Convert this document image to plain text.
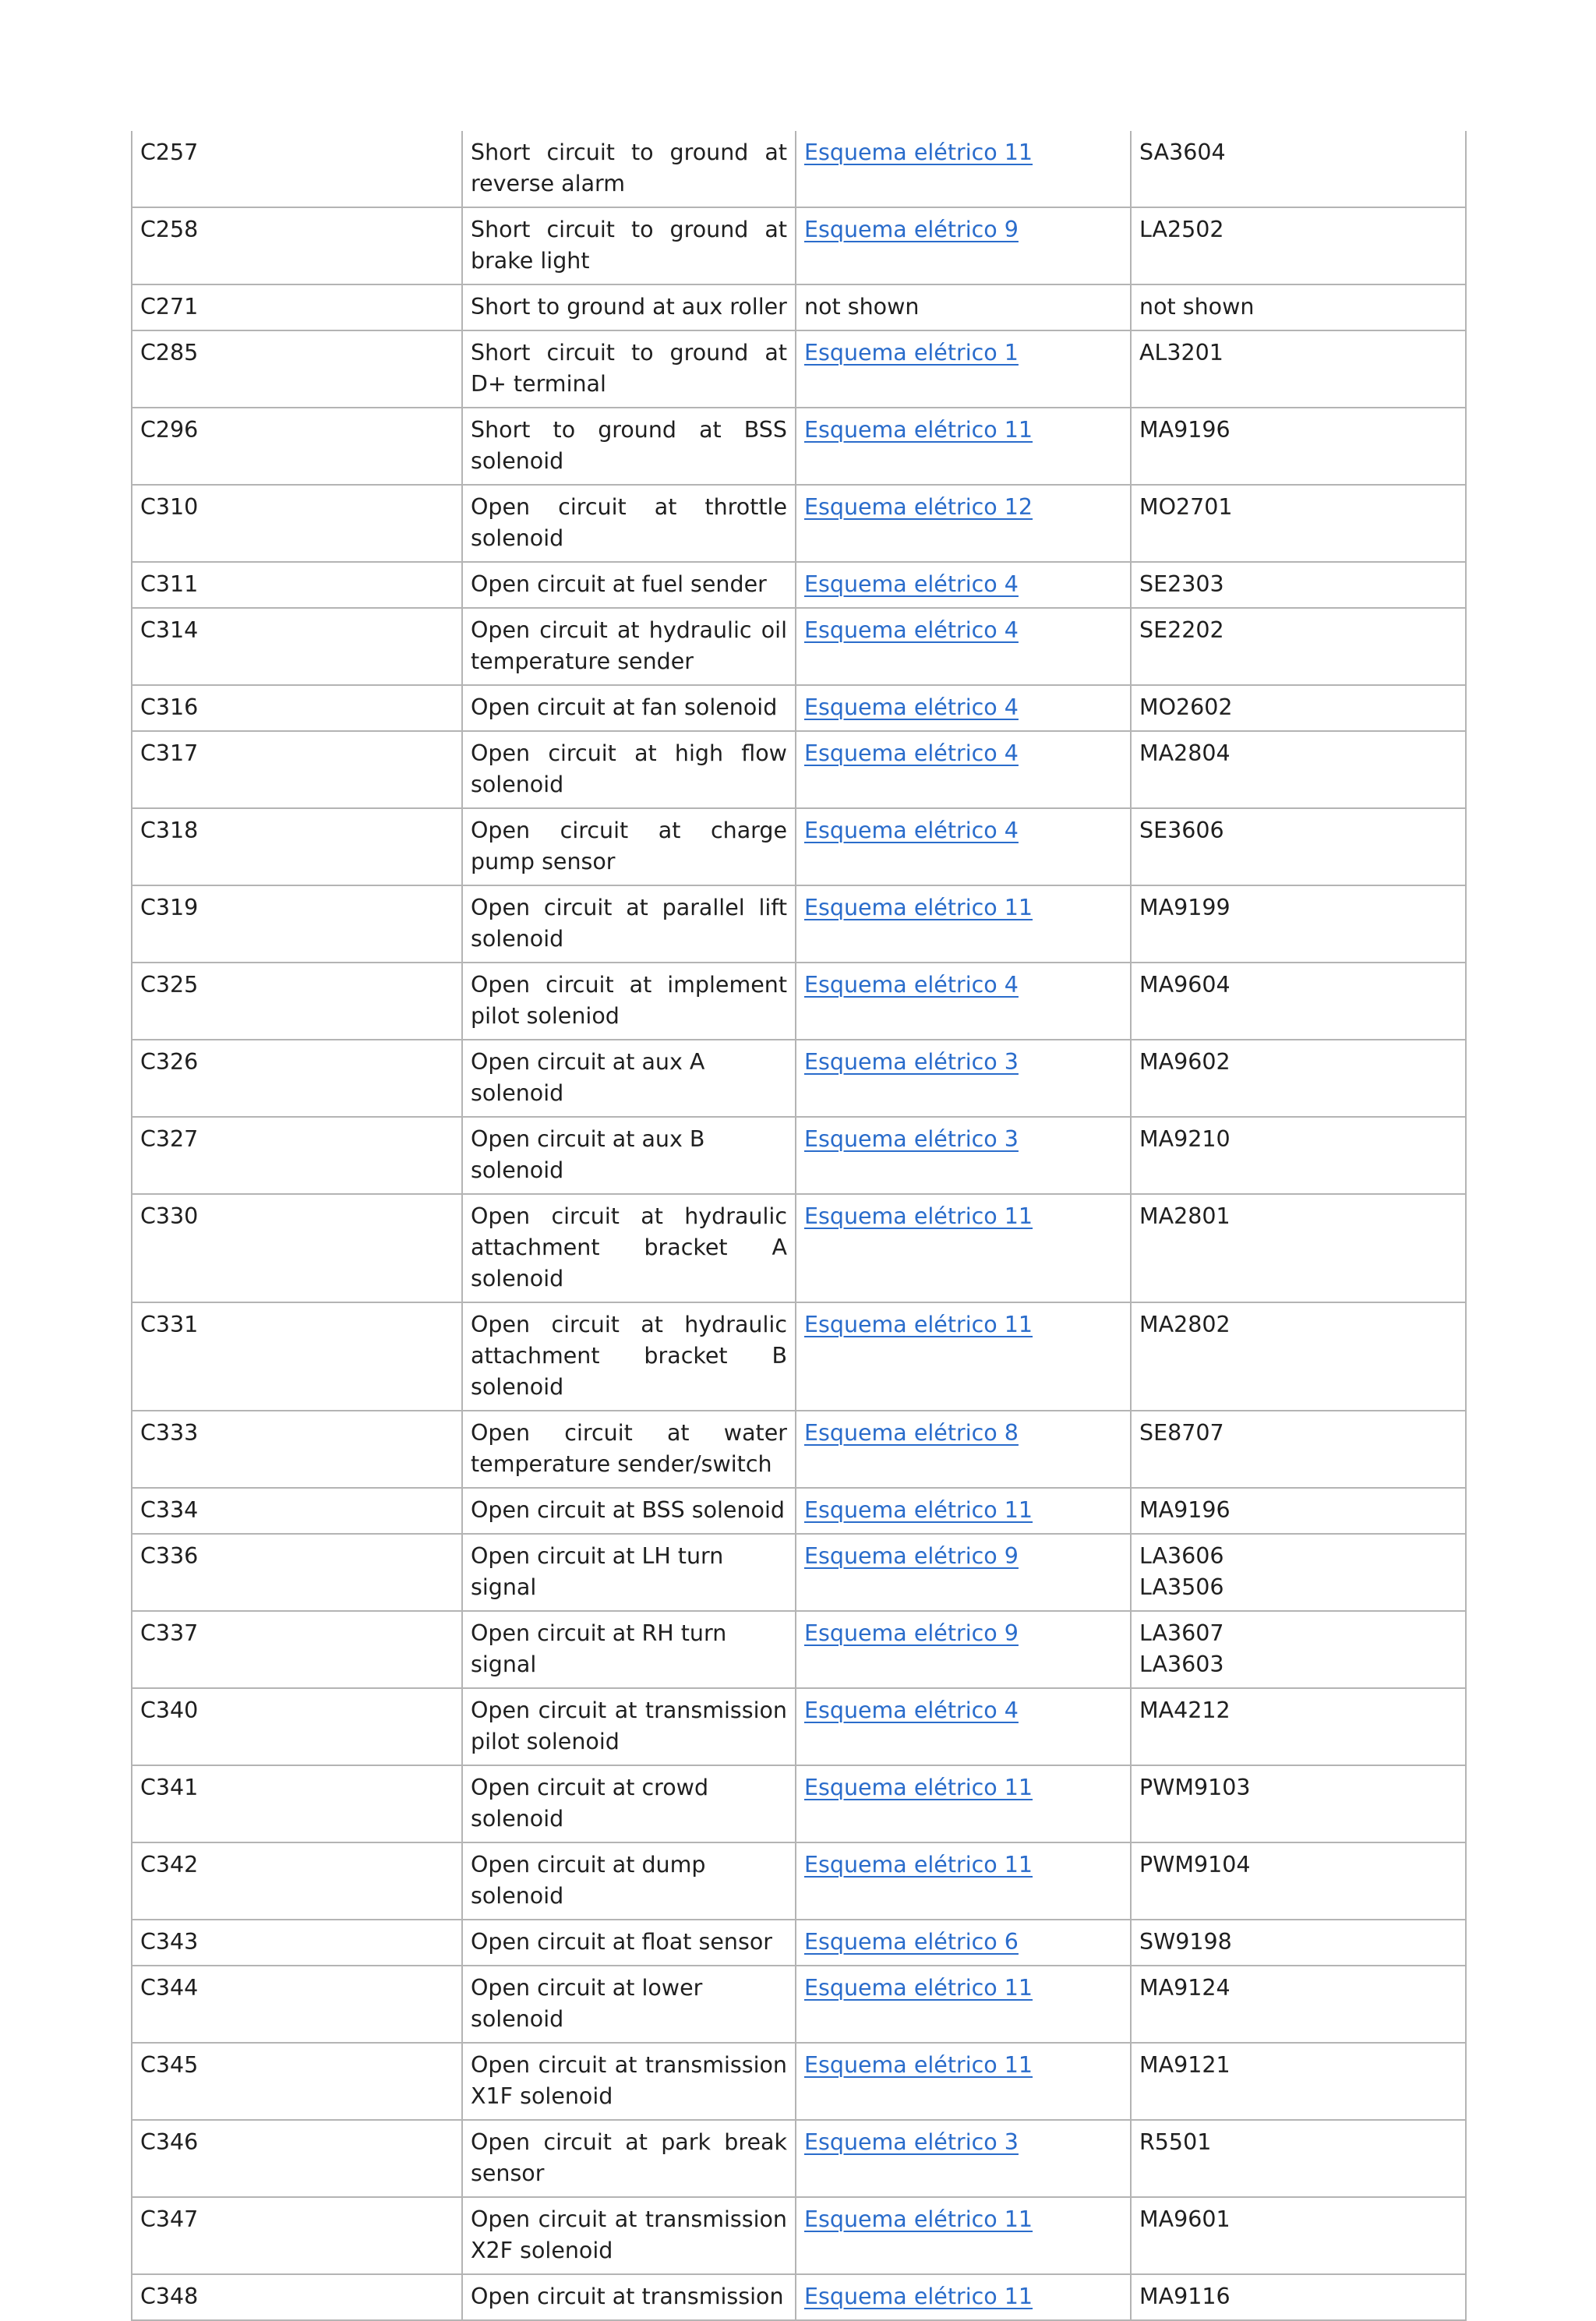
C257	Short circuit to ground at reverse alarm	Esquema elétrico 11	SA3604

C258	Short circuit to ground at brake light	Esquema elétrico 9	LA2502

C271	Short to ground at aux roller	not shown	not shown

C285	Short circuit to ground at D+ terminal	Esquema elétrico 1	AL3201

C296	Short to ground at BSS solenoid	Esquema elétrico 11	MA9196

C310	Open circuit at throttle solenoid	Esquema elétrico 12	MO2701

C311	Open circuit at fuel sender	Esquema elétrico 4	SE2303

C314	Open circuit at hydraulic oil temperature sender	Esquema elétrico 4	SE2202

C316	Open circuit at fan solenoid	Esquema elétrico 4	MO2602

C317	Open circuit at high flow solenoid	Esquema elétrico 4	MA2804

C318	Open circuit at charge pump sensor	Esquema elétrico 4	SE3606

C319	Open circuit at parallel lift solenoid	Esquema elétrico 11	MA9199

C325	Open circuit at implement pilot soleniod	Esquema elétrico 4	MA9604

C326	Open circuit at aux A solenoid	Esquema elétrico 3	MA9602

C327	Open circuit at aux B solenoid	Esquema elétrico 3	MA9210

C330	Open circuit at hydraulic attachment bracket A solenoid	Esquema elétrico 11	MA2801

C331	Open circuit at hydraulic attachment bracket B solenoid	Esquema elétrico 11	MA2802

C333	Open circuit at water temperature sender/switch	Esquema elétrico 8	SE8707

C334	Open circuit at BSS solenoid	Esquema elétrico 11	MA9196

C336	Open circuit at LH turn signal	Esquema elétrico 9	LA3606
LA3506

C337	Open circuit at RH turn signal	Esquema elétrico 9	LA3607
LA3603

C340	Open circuit at transmission pilot solenoid	Esquema elétrico 4	MA4212

C341	Open circuit at crowd solenoid	Esquema elétrico 11	PWM9103

C342	Open circuit at dump solenoid	Esquema elétrico 11	PWM9104

C343	Open circuit at float sensor	Esquema elétrico 6	SW9198

C344	Open circuit at lower solenoid	Esquema elétrico 11	MA9124

C345	Open circuit at transmission X1F solenoid	Esquema elétrico 11	MA9121

C346	Open circuit at park break sensor	Esquema elétrico 3	R5501

C347	Open circuit at transmission X2F solenoid	Esquema elétrico 11	MA9601

C348	Open circuit at transmission	Esquema elétrico 11	MA9116
